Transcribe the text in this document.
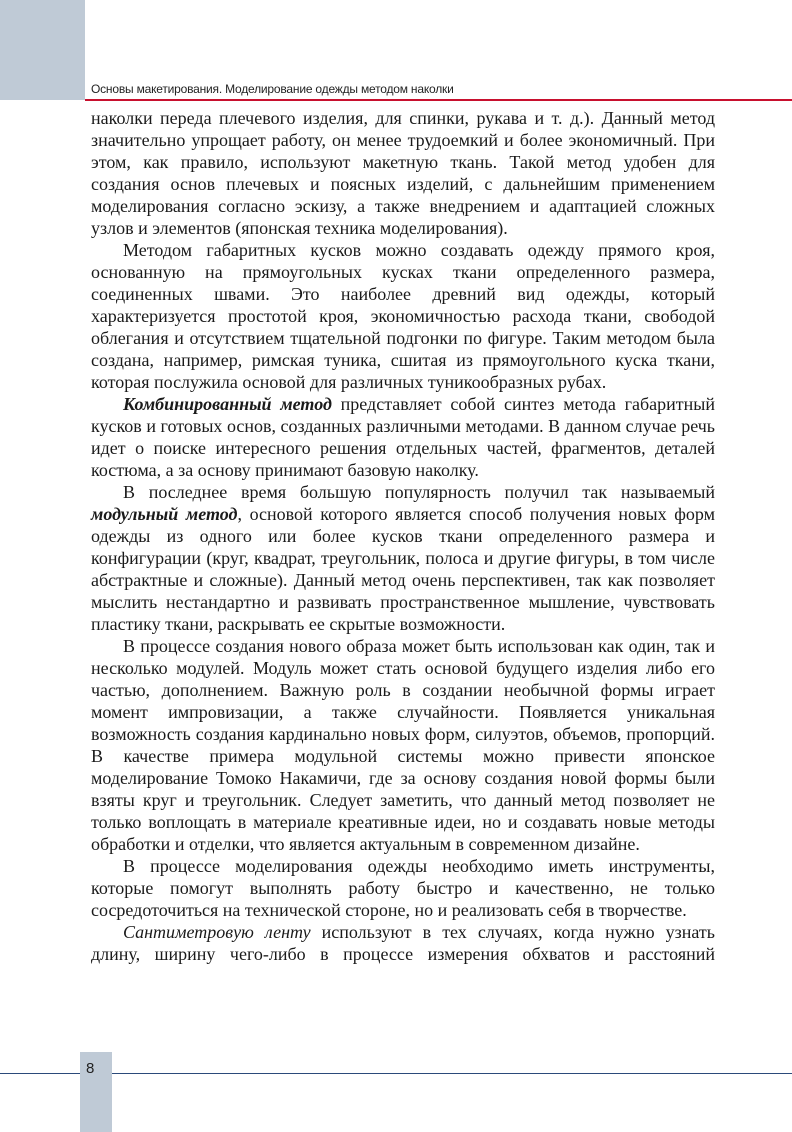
Основы макетирования. Моделирование одежды методом наколки

наколки переда плечевого изделия, для спинки, рукава и т. д.). Данный метод значительно упрощает работу, он менее трудоемкий и более экономичный. При этом, как правило, используют макетную ткань. Такой метод удобен для создания основ плечевых и поясных изделий, с дальнейшим применением моделирования согласно эскизу, а также внедрением и адаптацией сложных узлов и элементов (японская техника моделирования).

Методом габаритных кусков можно создавать одежду прямого кроя, основанную на прямоугольных кусках ткани определенного размера, соединенных швами. Это наиболее древний вид одежды, который характеризуется простотой кроя, экономичностью расхода ткани, свободой облегания и отсутствием тщательной подгонки по фигуре. Таким методом была создана, например, римская туника, сшитая из прямоугольного куска ткани, которая послужила основой для различных туникообразных рубах.

Комбинированный метод представляет собой синтез метода габаритный кусков и готовых основ, созданных различными методами. В данном случае речь идет о поиске интересного решения отдельных частей, фрагментов, деталей костюма, а за основу принимают базовую наколку.

В последнее время большую популярность получил так называемый модульный метод, основой которого является способ получения новых форм одежды из одного или более кусков ткани определенного размера и конфигурации (круг, квадрат, треугольник, полоса и другие фигуры, в том числе абстрактные и сложные). Данный метод очень перспективен, так как позволяет мыслить нестандартно и развивать пространственное мышление, чувствовать пластику ткани, раскрывать ее скрытые возможности.

В процессе создания нового образа может быть использован как один, так и несколько модулей. Модуль может стать основой будущего изделия либо его частью, дополнением. Важную роль в создании необычной формы играет момент импровизации, а также случайности. Появляется уникальная возможность создания кардинально новых форм, силуэтов, объемов, пропорций. В качестве примера модульной системы можно привести японское моделирование Томоко Накамичи, где за основу создания новой формы были взяты круг и треугольник. Следует заметить, что данный метод позволяет не только воплощать в материале креативные идеи, но и создавать новые методы обработки и отделки, что является актуальным в современном дизайне.

В процессе моделирования одежды необходимо иметь инструменты, которые помогут выполнять работу быстро и качественно, не только сосредоточиться на технической стороне, но и реализовать себя в творчестве.

Сантиметровую ленту используют в тех случаях, когда нужно узнать длину, ширину чего-либо в процессе измерения обхватов и расстояний

8
